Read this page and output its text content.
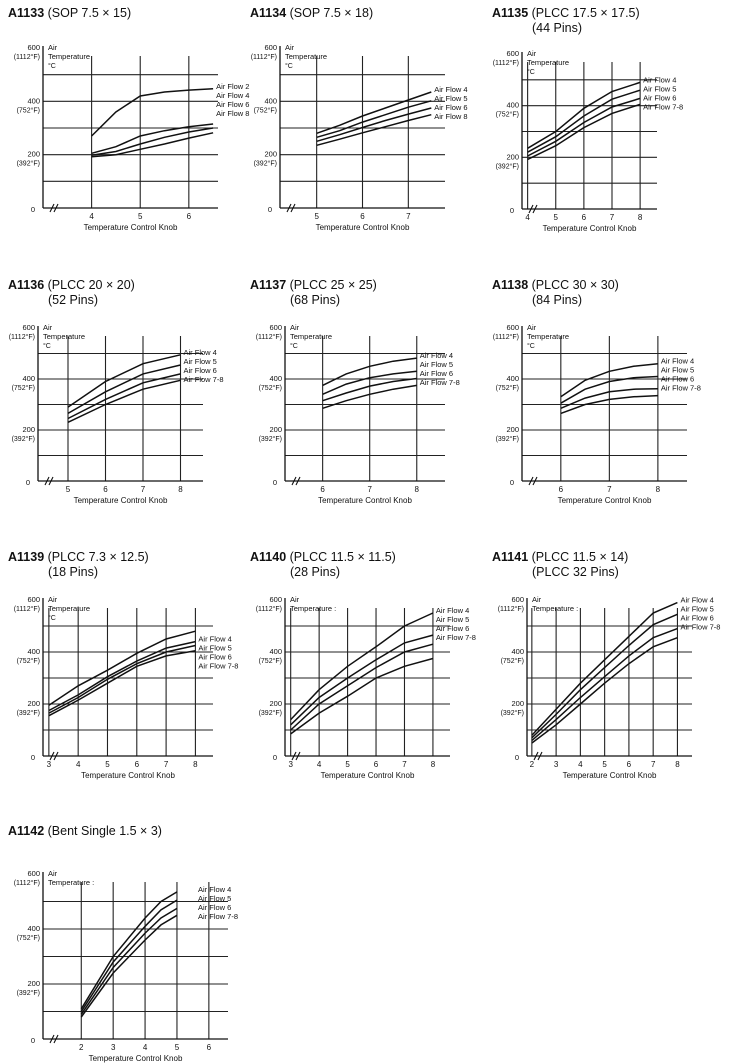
A1133 (SOP 7.5 × 15)
600
(1112°F)
400
(752°F)
200
(392°F)
0
Air
Temperature
°C
4	5	6
Temperature Control Knob
Air Flow 2
Air Flow 4
Air Flow 6
Air Flow 8
A1134 (SOP 7.5 × 18)
600
(1112°F)
400
(752°F)
200
(392°F)
0
Air
Temperature
°C
5	6	7
Temperature Control Knob
Air Flow 4
Air Flow 5
Air Flow 6
Air Flow 8
A1135 (PLCC 17.5 × 17.5)
(44 Pins)
600
(1112°F)
400
(752°F)
200
(392°F)
0
Air
Temperature
°C
4	5	6	7	8
Temperature Control Knob
Air Flow 4
Air Flow 5
Air Flow 6
Air Flow 7-8
A1136 (PLCC 20 × 20)
(52 Pins)
600
(1112°F)
400
(752°F)
200
(392°F)
0
Air
Temperature
°C
5	6	7	8
Temperature Control Knob
Air Flow 4
Air Flow 5
Air Flow 6
Air Flow 7-8
A1137 (PLCC 25 × 25)
(68 Pins)
600
(1112°F)
400
(752°F)
200
(392°F)
0
Air
Temperature
°C
6	7	8
Temperature Control Knob
Air Flow 4
Air Flow 5
Air Flow 6
Air Flow 7-8
A1138 (PLCC 30 × 30)
(84 Pins)
600
(1112°F)
400
(752°F)
200
(392°F)
0
Air
Temperature
°C
6	7	8
Temperature Control Knob
Air Flow 4
Air Flow 5
Air Flow 6
Air Flow 7-8
A1139 (PLCC 7.3 × 12.5)
(18 Pins)
600
(1112°F)
400
(752°F)
200
(392°F)
0
Air
Temperature
°C
3	4	5	6	7	8
Temperature Control Knob
Air Flow 4
Air Flow 5
Air Flow 6
Air Flow 7-8
A1140 (PLCC 11.5 × 11.5)
(28 Pins)
600
(1112°F)
400
(752°F)
200
(392°F)
0
Air
Temperature :
3	4	5	6	7	8
Temperature Control Knob
Air Flow 4
Air Flow 5
Air Flow 6
Air Flow 7-8
A1141 (PLCC 11.5 × 14)
(PLCC 32 Pins)
600
(1112°F)
400
(752°F)
200
(392°F)
0
Air
Temperature :
2 3 4 5 6 7 8
Temperature Control Knob
Air Flow 4
Air Flow 5
Air Flow 6
Air Flow 7-8
A1142 (Bent Single 1.5 × 3)
600
(1112°F)
400
(752°F)
200
(392°F)
0
Air
Temperature :
2	3	4	5	6
Temperature Control Knob
Air Flow 4
Air Flow 5
Air Flow 6
Air Flow 7-8
